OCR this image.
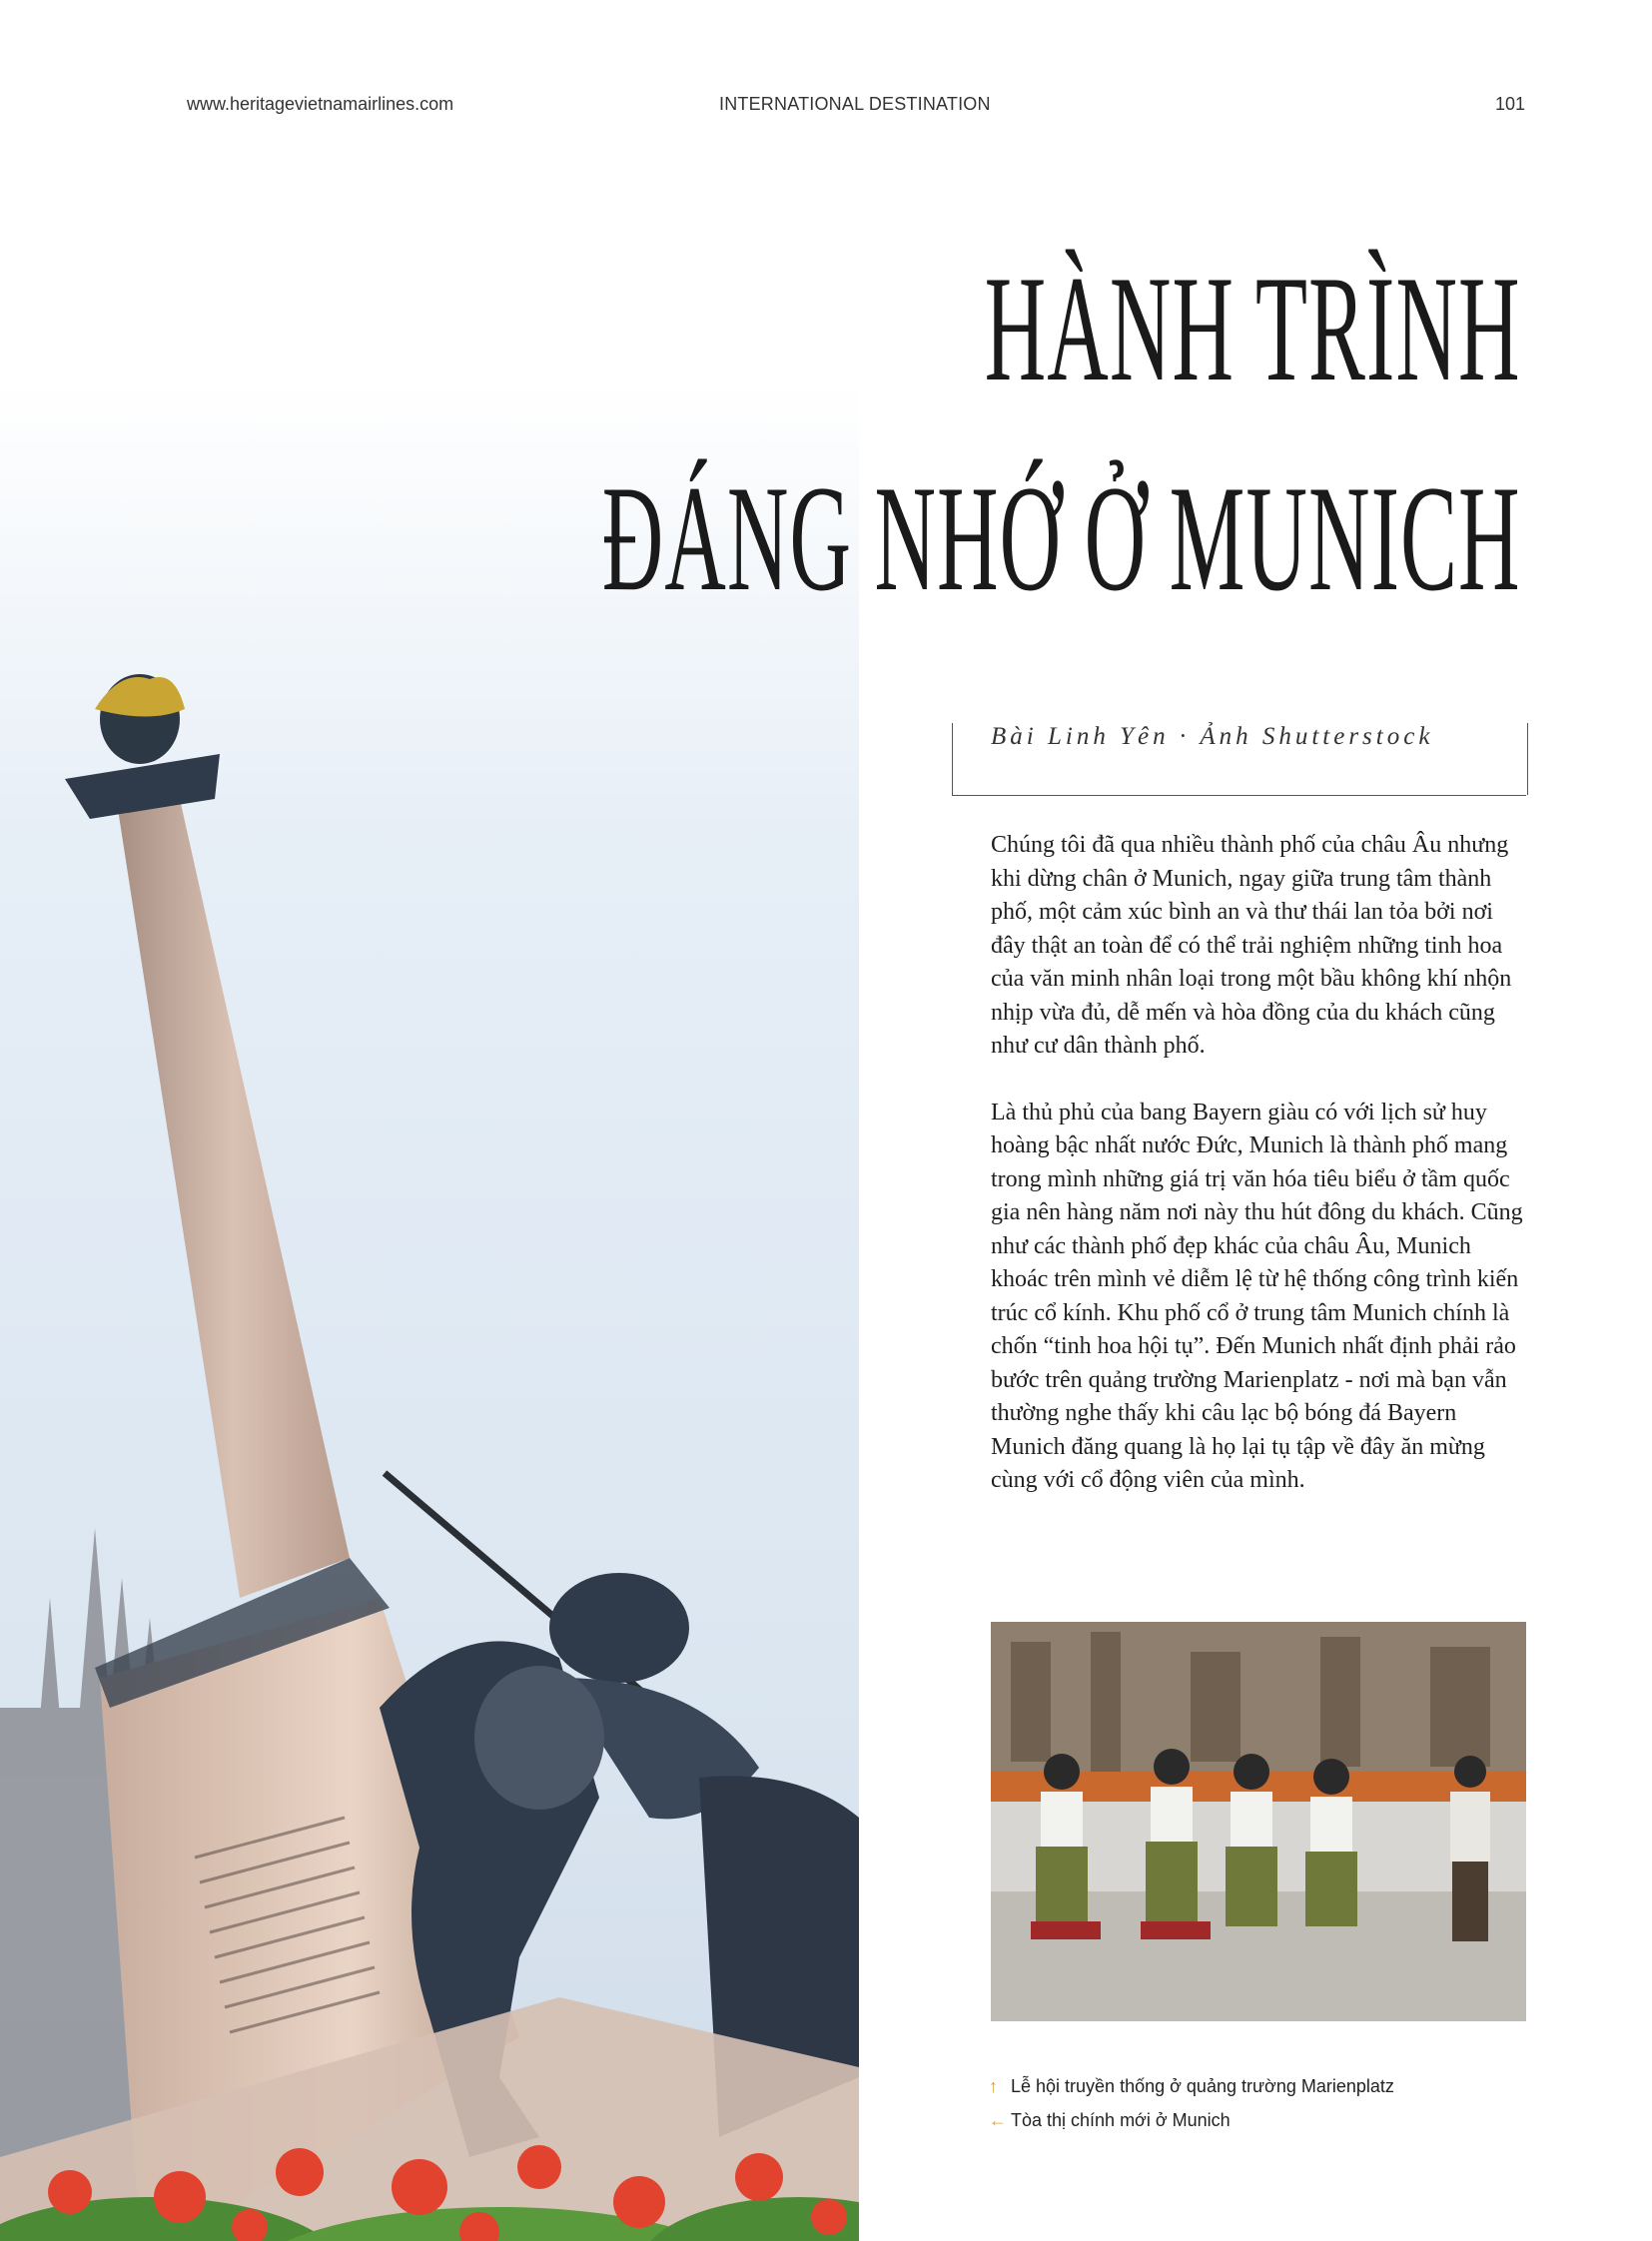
www.heritagevietnamairlines.com	INTERNATIONAL DESTINATION	101
HÀNH TRÌNH
ĐÁNG NHỚ Ở MUNICH
Bài Linh Yên · Ảnh Shutterstock

Chúng tôi đã qua nhiều thành phố của châu Âu nhưng khi dừng chân ở Munich, ngay giữa trung tâm thành phố, một cảm xúc bình an và thư thái lan tỏa bởi nơi đây thật an toàn để có thể trải nghiệm những tinh hoa của văn minh nhân loại trong một bầu không khí nhộn nhịp vừa đủ, dễ mến và hòa đồng của du khách cũng như cư dân thành phố.

Là thủ phủ của bang Bayern giàu có với lịch sử huy hoàng bậc nhất nước Đức, Munich là thành phố mang trong mình những giá trị văn hóa tiêu biểu ở tầm quốc gia nên hàng năm nơi này thu hút đông du khách. Cũng như các thành phố đẹp khác của châu Âu, Munich khoác trên mình vẻ diễm lệ từ hệ thống công trình kiến trúc cổ kính. Khu phố cổ ở trung tâm Munich chính là chốn “tinh hoa hội tụ”. Đến Munich nhất định phải rảo bước trên quảng trường Marienplatz - nơi mà bạn vẫn thường nghe thấy khi câu lạc bộ bóng đá Bayern Munich đăng quang là họ lại tụ tập về đây ăn mừng cùng với cổ động viên của mình.

↑ Lễ hội truyền thống ở quảng trường Marienplatz
← Tòa thị chính mới ở Munich
